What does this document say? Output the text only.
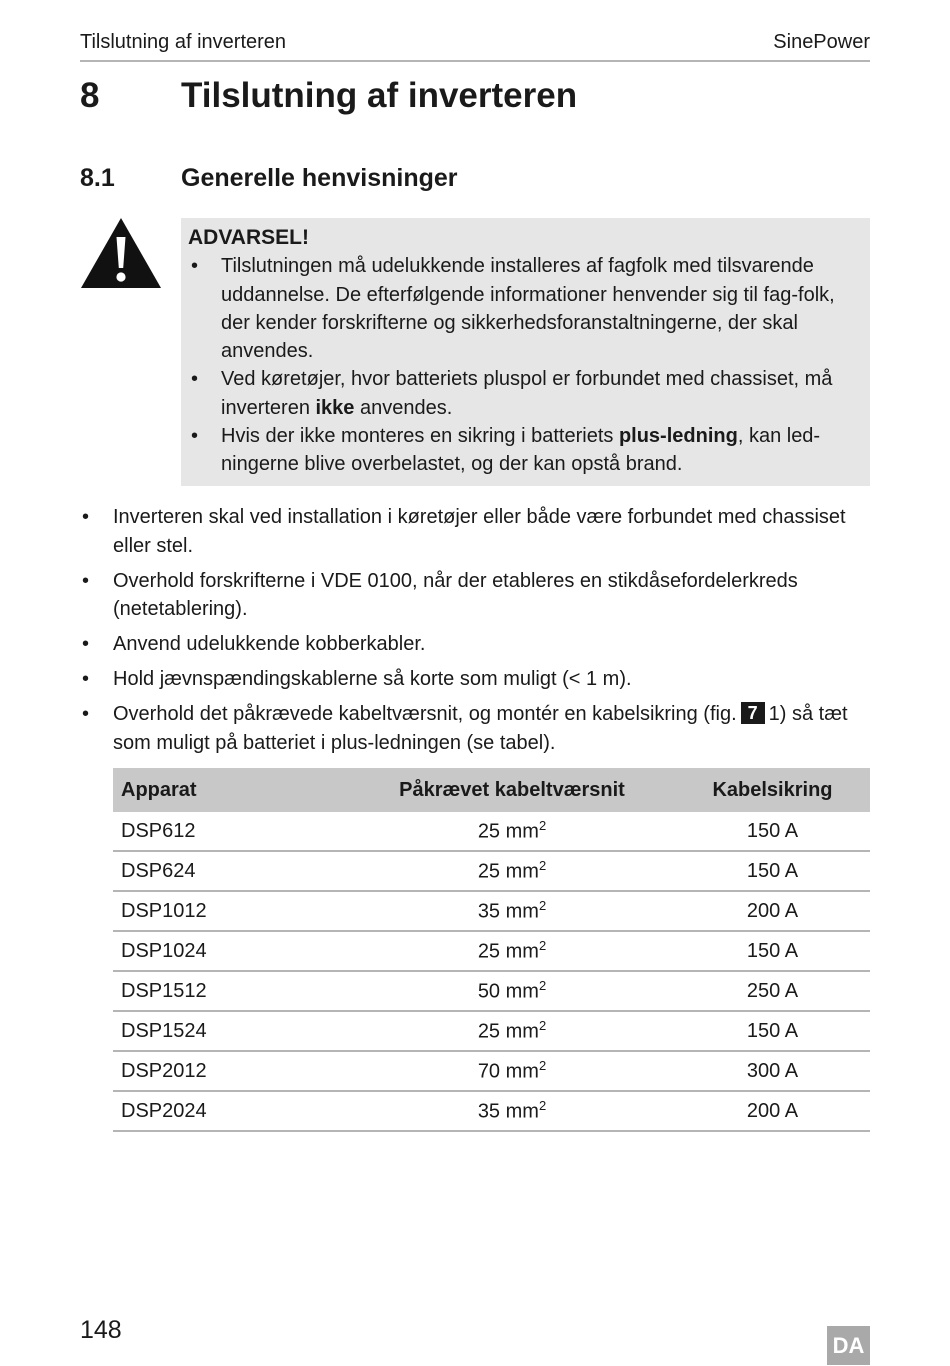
Tilslutning af inverteren	SinePower
8 Tilslutning af inverteren
8.1	Generelle henvisninger
ADVARSEL!
• Tilslutningen må udelukkende installeres af fagfolk med tilsvarende uddannelse. De efterfølgende informationer henvender sig til fag-folk, der kender forskrifterne og sikkerhedsforanstaltningerne, der skal anvendes.
• Ved køretøjer, hvor batteriets pluspol er forbundet med chassiset, må inverteren ikke anvendes.
• Hvis der ikke monteres en sikring i batteriets plus-ledning, kan led-ningerne blive overbelastet, og der kan opstå brand.
• Inverteren skal ved installation i køretøjer eller både være forbundet med chassiset eller stel.
• Overhold forskrifterne i VDE 0100, når der etableres en stikdåsefordelerkreds (netetablering).
• Anvend udelukkende kobberkabler.
• Hold jævnspændingskablerne så korte som muligt (< 1 m).
• Overhold det påkrævede kabeltværsnit, og montér en kabelsikring (fig. 7 1) så tæt som muligt på batteriet i plus-ledningen (se tabel).
Apparat	Påkrævet kabeltværsnit	Kabelsikring
DSP612	25 $mm^2$	150 A
DSP624	25 $mm^2$	150 A
DSP1012	35 $mm^2$	200 A
DSP1024	25 $mm^2$	150 A
DSP1512	50 $mm^2$	250 A
DSP1524	25 $mm^2$	150 A
DSP2012	70 $mm^2$	300 A
DSP2024	35 $mm^2$	200 A
148
DA
